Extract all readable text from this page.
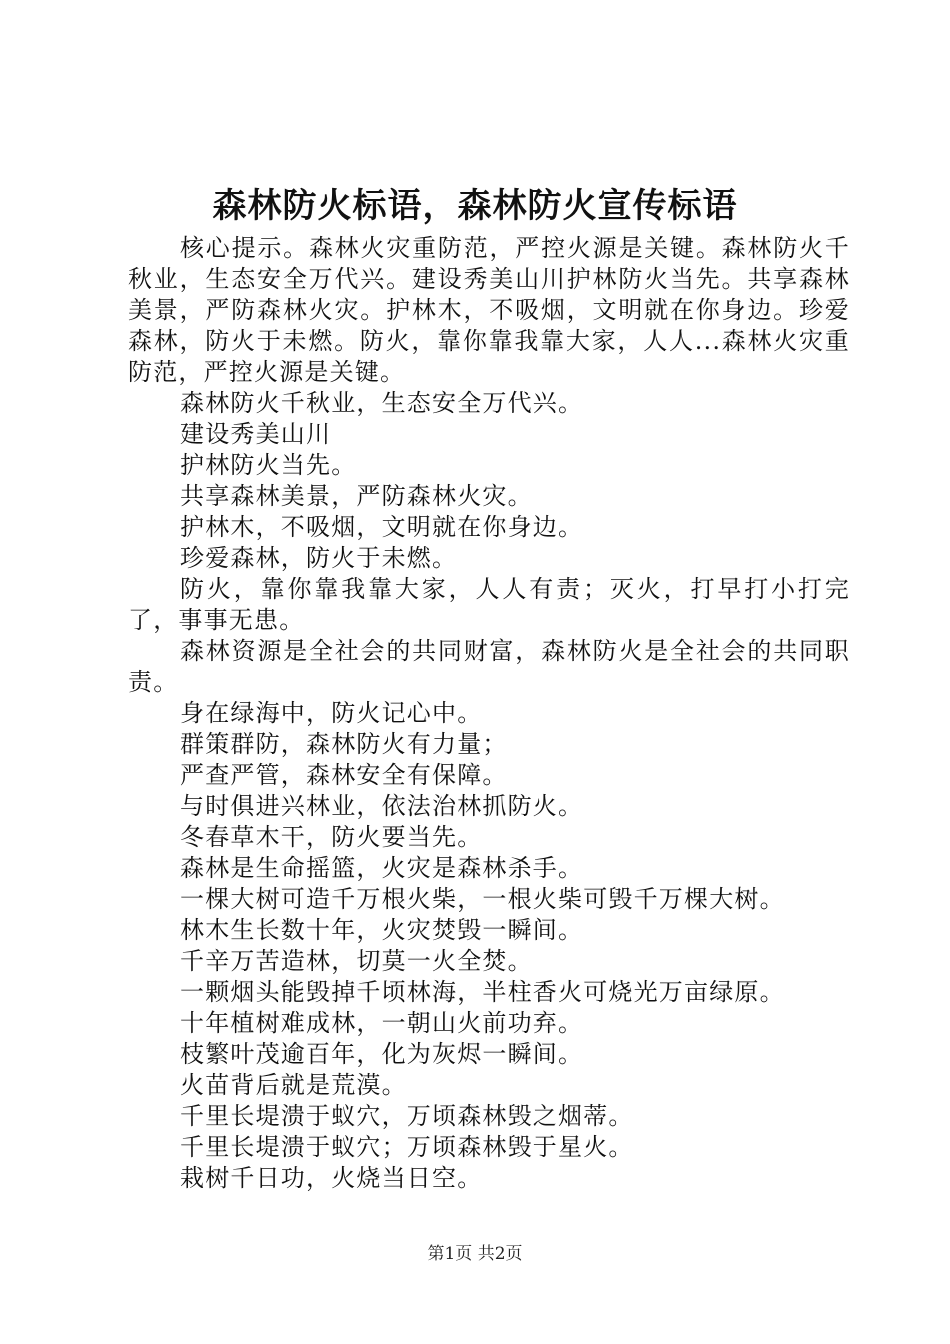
森林防火标语，森林防火宣传标语

核心提示。森林火灾重防范，严控火源是关键。森林防火千秋业，生态安全万代兴。建设秀美山川护林防火当先。共享森林美景，严防森林火灾。护林木，不吸烟，文明就在你身边。珍爱森林，防火于未燃。防火，靠你靠我靠大家，人人...森林火灾重防范，严控火源是关键。

森林防火千秋业，生态安全万代兴。

建设秀美山川

护林防火当先。

共享森林美景，严防森林火灾。

护林木，不吸烟，文明就在你身边。

珍爱森林，防火于未燃。

防火，靠你靠我靠大家，人人有责；灭火，打早打小打完了，事事无患。

森林资源是全社会的共同财富，森林防火是全社会的共同职责。

身在绿海中，防火记心中。

群策群防，森林防火有力量；

严查严管，森林安全有保障。

与时俱进兴林业，依法治林抓防火。

冬春草木干，防火要当先。

森林是生命摇篮，火灾是森林杀手。

一棵大树可造千万根火柴，一根火柴可毁千万棵大树。

林木生长数十年，火灾焚毁一瞬间。

千辛万苦造林，切莫一火全焚。

一颗烟头能毁掉千顷林海，半柱香火可烧光万亩绿原。

十年植树难成林，一朝山火前功弃。

枝繁叶茂逾百年，化为灰烬一瞬间。

火苗背后就是荒漠。

千里长堤溃于蚁穴，万顷森林毁之烟蒂。

千里长堤溃于蚁穴；万顷森林毁于星火。

栽树千日功，火烧当日空。

第1页 共2页
